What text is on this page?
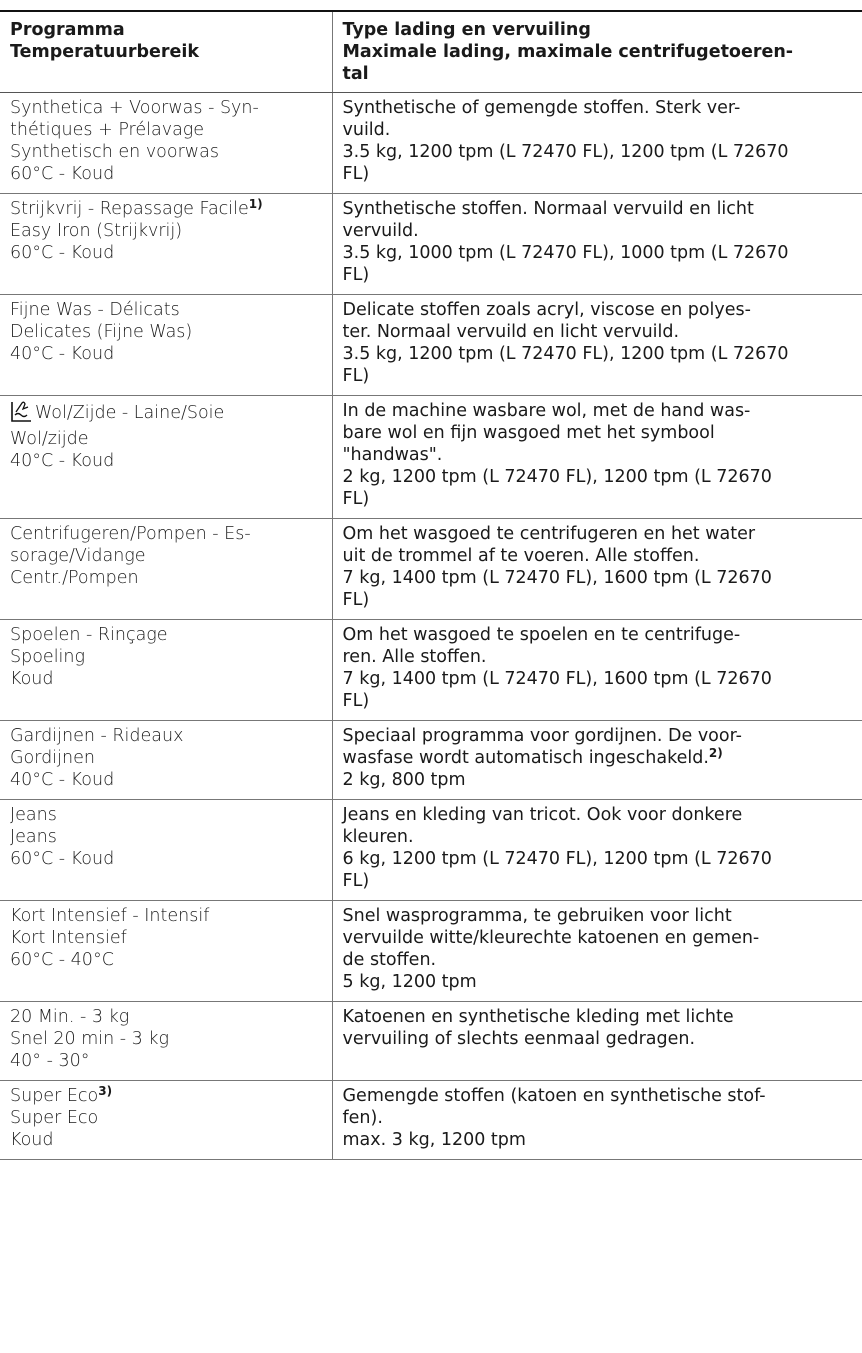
Programma
Temperatuurbereik	Type lading en vervuiling
Maximale lading, maximale centrifugetoeren-
tal

Synthetica + Voorwas - Syn-
thétiques + Prélavage
Synthetisch en voorwas
60°C - Koud	Synthetische of gemengde stoffen. Sterk ver-
vuild.
3.5 kg, 1200 tpm (L 72470 FL), 1200 tpm (L 72670
FL)

Strijkvrij - Repassage Facile$^{1)}$
Easy Iron (Strijkvrij)
60°C - Koud	Synthetische stoffen. Normaal vervuild en licht
vervuild.
3.5 kg, 1000 tpm (L 72470 FL), 1000 tpm (L 72670
FL)

Fijne Was - Délicats
Delicates (Fijne Was)
40°C - Koud	Delicate stoffen zoals acryl, viscose en polyes-
ter. Normaal vervuild en licht vervuild.
3.5 kg, 1200 tpm (L 72470 FL), 1200 tpm (L 72670
FL)

Wol/Zijde - Laine/Soie
Wol/zijde
40°C - Koud	In de machine wasbare wol, met de hand was-
bare wol en fijn wasgoed met het symbool
"handwas".
2 kg, 1200 tpm (L 72470 FL), 1200 tpm (L 72670
FL)

Centrifugeren/Pompen - Es-
sorage/Vidange
Centr./Pompen	Om het wasgoed te centrifugeren en het water
uit de trommel af te voeren. Alle stoffen.
7 kg, 1400 tpm (L 72470 FL), 1600 tpm (L 72670
FL)

Spoelen - Rinçage
Spoeling
Koud	Om het wasgoed te spoelen en te centrifuge-
ren. Alle stoffen.
7 kg, 1400 tpm (L 72470 FL), 1600 tpm (L 72670
FL)

Gardijnen - Rideaux
Gordijnen
40°C - Koud	Speciaal programma voor gordijnen. De voor-
wasfase wordt automatisch ingeschakeld.$^{2)}$
2 kg, 800 tpm

Jeans
Jeans
60°C - Koud	Jeans en kleding van tricot. Ook voor donkere
kleuren.
6 kg, 1200 tpm (L 72470 FL), 1200 tpm (L 72670
FL)

Kort Intensief - Intensif
Kort Intensief
60°C - 40°C	Snel wasprogramma, te gebruiken voor licht
vervuilde witte/kleurechte katoenen en gemen-
de stoffen.
5 kg, 1200 tpm

20 Min. - 3 kg
Snel 20 min - 3 kg
40° - 30°	Katoenen en synthetische kleding met lichte
vervuiling of slechts eenmaal gedragen.

Super Eco$^{3)}$
Super Eco
Koud	Gemengde stoffen (katoen en synthetische stof-
fen).
max. 3 kg, 1200 tpm
